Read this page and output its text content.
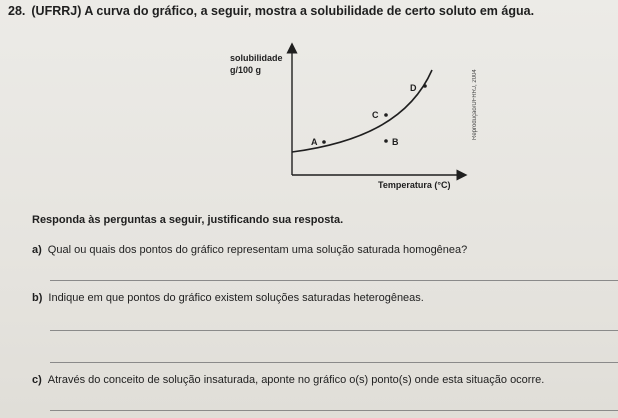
28. (UFRRJ) A curva do gráfico, a seguir, mostra a solubilidade de certo soluto em água.
solubilidade
g/100 g
Temperatura (°C)
A	B
C
D	Reprodução/UFRRJ, 2004
Responda às perguntas a seguir, justificando sua resposta.
a) Qual ou quais dos pontos do gráfico representam uma solução saturada homogênea?
b) Indique em que pontos do gráfico existem soluções saturadas heterogêneas.
c) Através do conceito de solução insaturada, aponte no gráfico o(s) ponto(s) onde esta situação ocorre.
